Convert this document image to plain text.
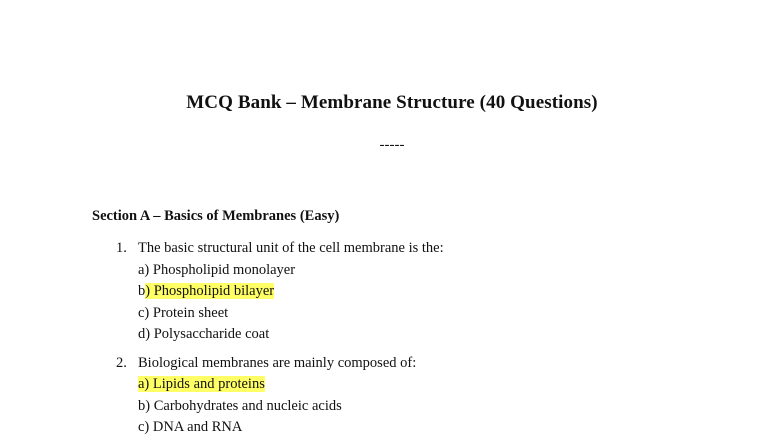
MCQ Bank – Membrane Structure (40 Questions)
-----
Section A – Basics of Membranes (Easy)
1. The basic structural unit of the cell membrane is the:
a) Phospholipid monolayer
b) Phospholipid bilayer
c) Protein sheet
d) Polysaccharide coat
2. Biological membranes are mainly composed of:
a) Lipids and proteins
b) Carbohydrates and nucleic acids
c) DNA and RNA
